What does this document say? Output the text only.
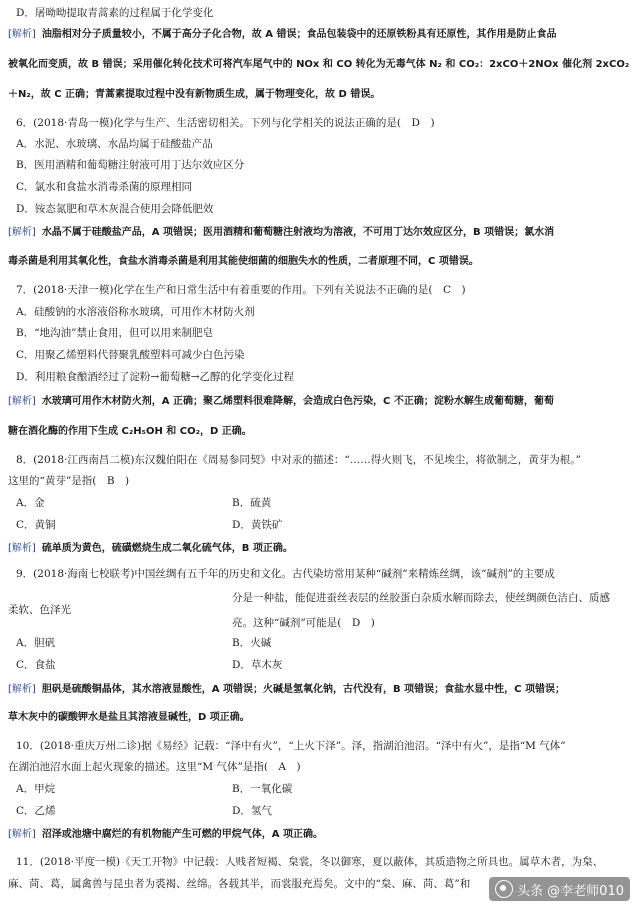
D．屠呦呦提取青蒿素的过程属于化学变化
[ 解析 ] 油脂相对分子质量较小，不属于高分子化合物，故 A 错误；食品包装袋中的还原铁粉具有还原性，其作用是防止食品
被氧化而变质，故 B 错误；采用催化转化技术可将汽车尾气中的 NOx 和 CO 转化为无毒气体 N₂ 和 CO₂：2xCO＋2NOx 催化剂 2xCO₂
＋N₂，故 C 正确；青蒿素提取过程中没有新物质生成，属于物理变化，故 D 错误。
6．(2018·青岛一模)化学与生产、生活密切相关。下列与化学相关的说法正确的是(　D　)
A．水泥、水玻璃、水晶均属于硅酸盐产品
B．医用酒精和葡萄糖注射液可用丁达尔效应区分
C．氯水和食盐水消毒杀菌的原理相同
D．铵态氮肥和草木灰混合使用会降低肥效
[ 解析 ] 水晶不属于硅酸盐产品，A 项错误；医用酒精和葡萄糖注射液均为溶液，不可用丁达尔效应区分，B 项错误；氯水消
毒杀菌是利用其氧化性，食盐水消毒杀菌是利用其能使细菌的细胞失水的性质，二者原理不同，C 项错误。
7．(2018·天津一模)化学在生产和日常生活中有着重要的作用。下列有关说法不正确的是(　C　)
A．硅酸钠的水溶液俗称水玻璃，可用作木材防火剂
B．“地沟油”禁止食用，但可以用来制肥皂
C．用聚乙烯塑料代替聚乳酸塑料可减少白色污染
D．利用粮食酿酒经过了淀粉→葡萄糖→乙醇的化学变化过程
[ 解析 ] 水玻璃可用作木材防火剂，A 正确；聚乙烯塑料很难降解，会造成白色污染，C 不正确；淀粉水解生成葡萄糖，葡萄
糖在酒化酶的作用下生成 C₂H₅OH 和 CO₂，D 正确。
8．(2018·江西南昌二模)东汉魏伯阳在《周易参同契》中对汞的描述：“……得火则飞，不见埃尘，将欲制之，黄芽为根。”
这里的“黄芽”是指(　B　)
A．金	B．硫黄
C．黄铜	D．黄铁矿
[ 解析 ] 硫单质为黄色，硫磺燃烧生成二氧化硫气体，B 项正确。
9．(2018·海南七校联考)中国丝绸有五千年的历史和文化。古代染坊常用某种“碱剂”来精炼丝绸，该“碱剂”的主要成
分是一种盐，能促进蚕丝表层的丝胶蛋白杂质水解而除去，使丝绸颜色洁白、质感
柔软、色泽光
亮。这种“碱剂”可能是(　D　)
A．胆矾	B．火碱
C．食盐	D．草木灰
[ 解析 ] 胆矾是硫酸铜晶体，其水溶液显酸性，A 项错误；火碱是氢氧化钠，古代没有，B 项错误；食盐水显中性，C 项错误；
草木灰中的碳酸钾水是盐且其溶液显碱性，D 项正确。
10．(2018·重庆万州二诊)据《易经》记载：“泽中有火”，“上火下泽”。泽，指湖泊池沼。“泽中有火”，是指“M 气体”
在湖泊池沼水面上起火现象的描述。这里“M 气体”是指(　A　)
A．甲烷	B．一氧化碳
C．乙烯	D．氢气
[ 解析 ] 沼泽或池塘中腐烂的有机物能产生可燃的甲烷气体，A 项正确。
11．(2018·平度一模)《天工开物》中记载：人贱者短褐、枲裳，冬以御寒，夏以蔽体，其质造物之所具也。属草木者，为枲、
麻、苘、葛，属禽兽与昆虫者为裘褐、丝绵。各载其半，而裳服充焉矣。文中的“枲、麻、苘、葛”和	头条 @李老师010
